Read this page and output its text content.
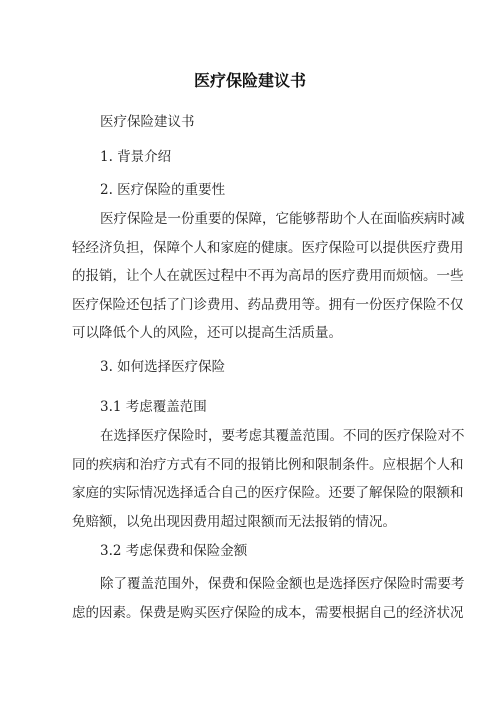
医疗保险建议书
医疗保险建议书
1. 背景介绍
2. 医疗保险的重要性
医疗保险是一份重要的保障，它能够帮助个人在面临疾病时减
轻经济负担，保障个人和家庭的健康。医疗保险可以提供医疗费用
的报销，让个人在就医过程中不再为高昂的医疗费用而烦恼。一些
医疗保险还包括了门诊费用、药品费用等。拥有一份医疗保险不仅
可以降低个人的风险，还可以提高生活质量。
3. 如何选择医疗保险
3.1 考虑覆盖范围
在选择医疗保险时，要考虑其覆盖范围。不同的医疗保险对不
同的疾病和治疗方式有不同的报销比例和限制条件。应根据个人和
家庭的实际情况选择适合自己的医疗保险。还要了解保险的限额和
免赔额，以免出现因费用超过限额而无法报销的情况。
3.2 考虑保费和保险金额
除了覆盖范围外，保费和保险金额也是选择医疗保险时需要考
虑的因素。保费是购买医疗保险的成本，需要根据自己的经济状况
